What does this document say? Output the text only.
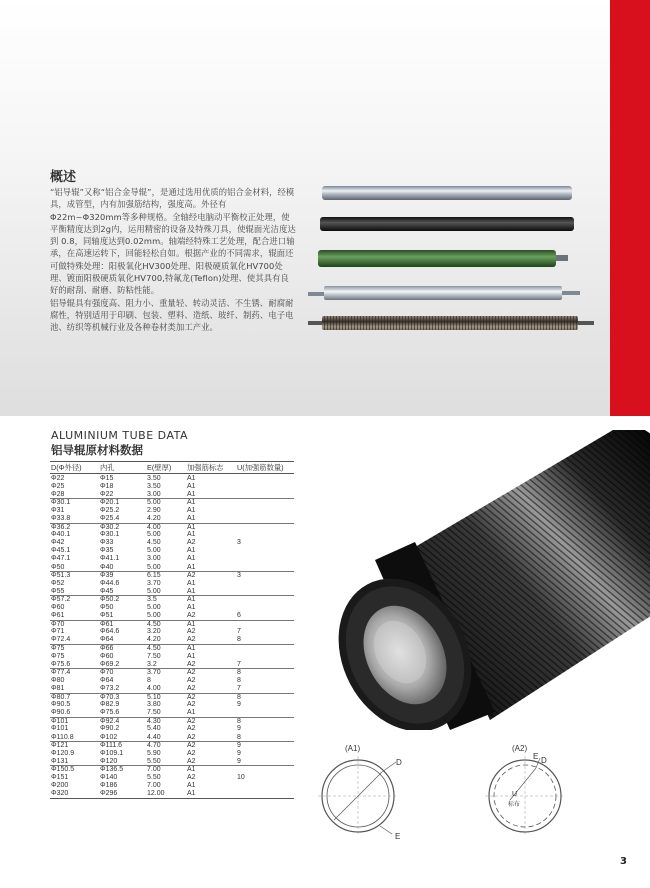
概述

“铝导辊”又称“铝合金导辊”，是通过选用优质的铝合金材料，经模具，成管型，内有加强筋结构，强度高。外径有Φ22m~Φ320mm等多种规格。全轴经电脑动平衡校正处理，使平衡精度达到2g内，运用精密的设备及特殊刀具，使辊面光洁度达到 0.8，同轴度达到0.02mm。轴端经特殊工艺处理，配合进口轴承，在高速运转下，回能轻松自如。根据产业的不同需求，辊面还可做特殊处理：阳极氧化HV300处理、阳极硬质氧化HV700处理、镀面阳极硬质氧化HV700,特氟龙(Teflon)处理、使其具有良好的耐刮、耐磨、防粘性能。

铝导辊具有强度高、阻力小、重量轻、转动灵活、不生锈、耐腐耐腐性，特别适用于印刷、包装、塑料、造纸、玻纤、制药、电子电池、纺织等机械行业及各种卷材类加工产业。

ALUMINIUM TUBE DATA
铝导辊原材料数据
D(Φ外径)	内孔	E(壁厚)	加强筋标志	U(加强筋数量)
Φ22	Φ15	3.50	A1
Φ25	Φ18	3.50	A1
Φ28	Φ22	3.00	A1
Φ30.1	Φ20.1	5.00	A1
Φ31	Φ25.2	2.90	A1
Φ33.8	Φ25.4	4.20	A1
Φ36.2	Φ30.2	4.00	A1
Φ40.1	Φ30.1	5.00	A1
Φ42	Φ33	4.50	A2	3
Φ45.1	Φ35	5.00	A1
Φ47.1	Φ41.1	3.00	A1
Φ50	Φ40	5.00	A1
Φ51.3	Φ39	6.15	A2	3
Φ52	Φ44.6	3.70	A1
Φ55	Φ45	5.00	A1
Φ57.2	Φ50.2	3.5	A1
Φ60	Φ50	5.00	A1
Φ61	Φ51	5.00	A2	6
Φ70	Φ61	4.50	A1
Φ71	Φ64.6	3.20	A2	7
Φ72.4	Φ64	4.20	A2	8
Φ75	Φ66	4.50	A1
Φ75	Φ60	7.50	A1
Φ75.6	Φ69.2	3.2	A2	7
Φ77.4	Φ70	3.70	A2	8
Φ80	Φ64	8	A2	8
Φ81	Φ73.2	4.00	A2	7
Φ80.7	Φ70.3	5.10	A2	8
Φ90.5	Φ82.9	3.80	A2	9
Φ90.6	Φ75.6	7.50	A1
Φ101	Φ92.4	4.30	A2	8
Φ101	Φ90.2	5.40	A2	9
Φ110.8	Φ102	4.40	A2	8
Φ121	Φ111.6	4.70	A2	9
Φ120.9	Φ109.1	5.90	A2	9
Φ131	Φ120	5.50	A2	9
Φ150.5	Φ136.5	7.00	A1
Φ151	Φ140	5.50	A2	10
Φ200	Φ186	7.00	A1
Φ320	Φ296	12.00	A1
(A1)	(A2)
D
E
E D
U
标布
3
